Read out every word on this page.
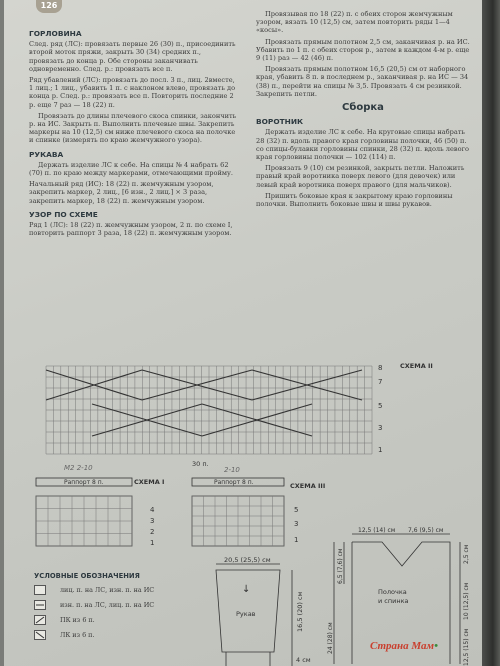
126
ГОРЛОВИНА

След. ряд (ЛС): провязать первые 26 (30) п., присоединить второй моток пряжи, закрыть 30 (34) средних п., провязать до конца р. Обе стороны заканчивать одновременно. След. р.: провязать все п.

Ряд убавлений (ЛС): провязать до посл. 3 п., лиц. 2вместе, 1 лиц.; 1 лиц., убавить 1 п. с наклоном влево, провязать до конца р. След. р.: провязать все п. Повторить последние 2 р. еще 7 раз — 18 (22) п.

Провязать до длины плечевого скоса спинки, закончить р. на ИС. Закрыть п. Выполнить плечевые швы. Закрепить маркеры на 10 (12,5) см ниже плечевого скоса на полочке и спинке (измерять по краю жемчужного узора).

РУКАВА

Держать изделие ЛС к себе. На спицы № 4 набрать 62 (70) п. по краю между маркерами, отмечающими пройму.

Начальный ряд (ИС): 18 (22) п. жемчужным узором, закрепить маркер, 2 лиц., [6 изн., 2 лиц.] × 3 раза, закрепить маркер, 18 (22) п. жемчужным узором.

УЗОР ПО СХЕМЕ

Ряд 1 (ЛС): 18 (22) п. жемчужным узором, 2 п. по схеме I, повторить раппорт 3 раза, 18 (22) п. жемчужным узором.

Провязывая по 18 (22) п. с обеих сторон жемчужным узором, вязать 10 (12,5) см, затем повторить ряды 1—4 «косы».

Провязать прямым полотном 2,5 см, заканчивая р. на ИС. Убавить по 1 п. с обеих сторон р., затем в каждом 4-м р. еще 9 (11) раз — 42 (46) п.

Провязать прямым полотном 16,5 (20,5) см от наборного края, убавить 8 п. в последнем р., заканчивая р. на ИС — 34 (38) п., перейти на спицы № 3,5. Провязать 4 см резинкой. Закрепить петли.

Сборка
ВОРОТНИК

Держать изделие ЛС к себе. На круговые спицы набрать 28 (32) п. вдоль правого края горловины полочки, 46 (50) п. со спицы-булавки горловины спинки, 28 (32) п. вдоль левого края горловины полочки — 102 (114) п.

Провязать 9 (10) см резинкой, закрыть петли. Наложить правый край воротника поверх левого (для девочек) или левый край воротника поверх правого (для мальчиков).

Пришить боковые края к закрытому краю горловины полочки. Выполнить боковые швы и швы рукавов.

СХЕМА II
8
7
5
3
1
30 п.
М2 2-10
Раппорт 8 п.	СХЕМА I
4
3
2
1
2-10
Раппорт 8 п.	СХЕМА III
5
3
1
20,5 (25,5) см
↓
Рукав	16,5 (20) см
4 см
12,5 (14) см 7,6 (9,5) см
6,5 (7,6) см
24 (28) см
2,5 см
10 (12,5) см
12,5 (15) см
Полочка
и спинка
УСЛОВНЫЕ ОБОЗНАЧЕНИЯ
лиц. п. на ЛС, изн. п. на ИС
изн. п. на ЛС, лиц. п. на ИС
ПК из 6 п.
ЛК из 6 п.
Страна Мам•
